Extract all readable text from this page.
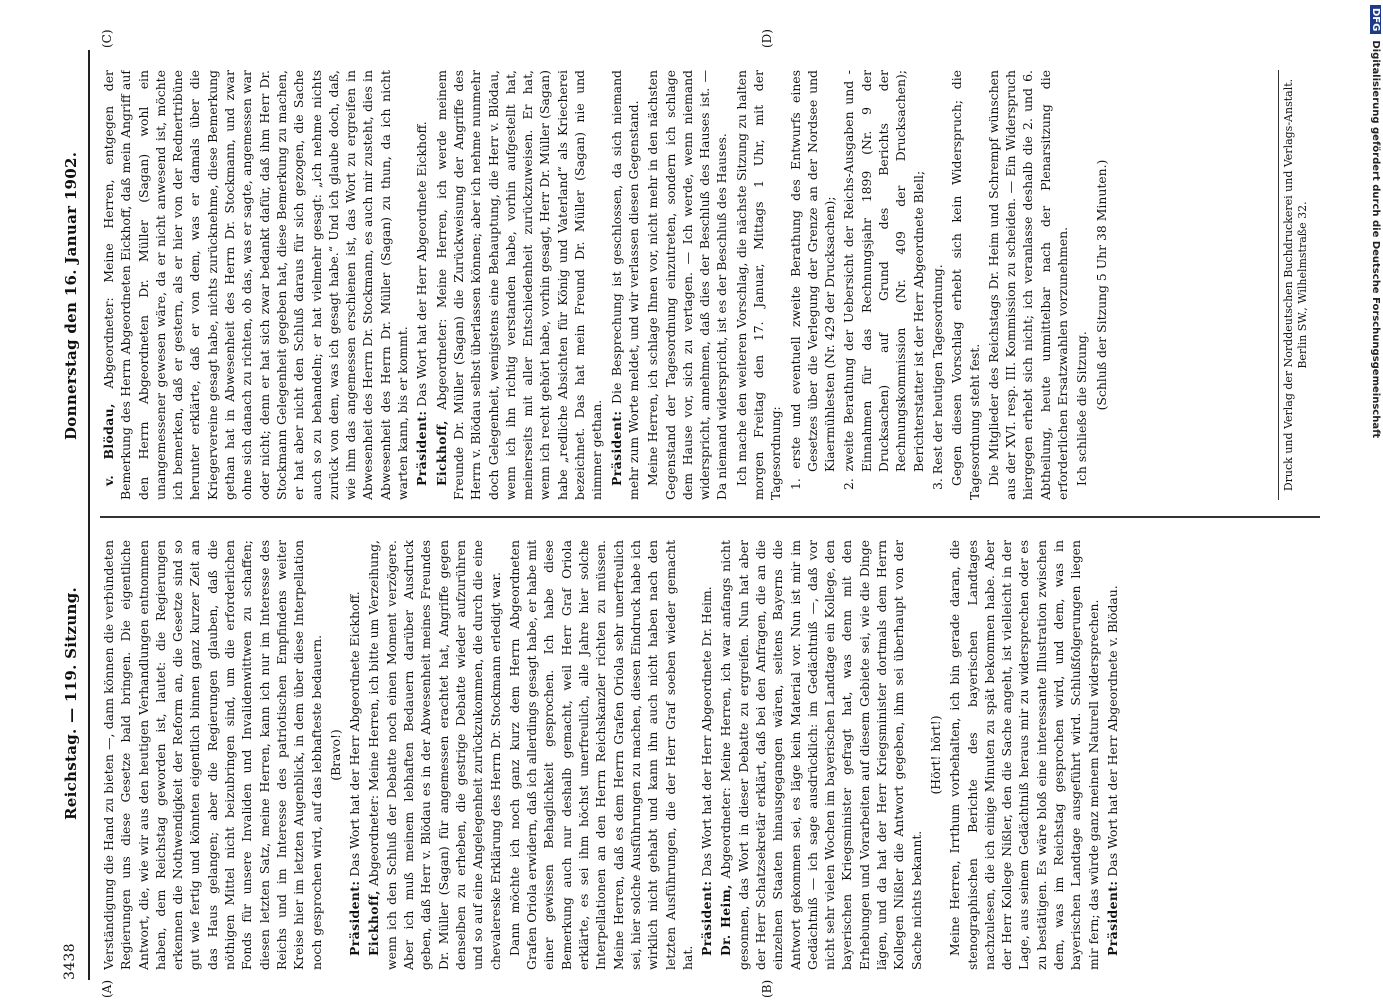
3438
Reichstag. — 119. Sitzung.
Donnerstag den 16. Januar 1902.
(A)	(B)
(C)	(D)

Verständigung die Hand zu bieten —, dann können die verbündeten Regierungen uns diese Gesetze bald bringen. Die eigentliche Antwort, die, wie wir aus den heutigen Verhandlungen entnommen haben, dem Reichstag geworden ist, lautet: die Regierungen erkennen die Nothwendigkeit der Reform an, die Gesetze sind so gut wie fertig und könnten eigentlich binnen ganz kurzer Zeit an das Haus gelangen; aber die Regierungen glauben, daß die nöthigen Mittel nicht beizubringen sind, um die erforderlichen Fonds für unsere Invaliden und Invalidenwittwen zu schaffen; diesen letzten Satz, meine Herren, kann ich nur im Interesse des Reichs und im Interesse des patriotischen Empfindens weiter Kreise hier im letzten Augenblick, in dem über diese Interpellation noch gesprochen wird, auf das lebhafteste bedauern. (Bravo!)

Präsident: Das Wort hat der Herr Abgeordnete Eickhoff.

Eickhoff, Abgeordneter: Meine Herren, ich bitte um Verzeihung, wenn ich den Schluß der Debatte noch einen Moment verzögere. Aber ich muß meinem lebhaften Bedauern darüber Ausdruck geben, daß Herr v. Blödau es in der Abwesenheit meines Freundes Dr. Müller (Sagan) für angemessen erachtet hat, Angriffe gegen denselben zu erheben, die gestrige Debatte wieder aufzurühren und so auf eine Angelegenheit zurückzukommen, die durch die eine chevalereske Erklärung des Herrn Dr. Stockmann erledigt war. Dann möchte ich noch ganz kurz dem Herrn Abgeordneten Grafen Oriola erwidern, daß ich allerdings gesagt habe, er habe mit einer gewissen Behaglichkeit gesprochen. Ich habe diese Bemerkung auch nur deshalb gemacht, weil Herr Graf Oriola erklärte, es sei ihm höchst unerfreulich, alle Jahre hier solche Interpellationen an den Herrn Reichskanzler richten zu müssen. Meine Herren, daß es dem Herrn Grafen Oriola sehr unerfreulich sei, hier solche Ausführungen zu machen, diesen Eindruck habe ich wirklich nicht gehabt und kann ihn auch nicht haben nach den letzten Ausführungen, die der Herr Graf soeben wieder gemacht hat.

Präsident: Das Wort hat der Herr Abgeordnete Dr. Heim.

Dr. Heim, Abgeordneter: Meine Herren, ich war anfangs nicht gesonnen, das Wort in dieser Debatte zu ergreifen. Nun hat aber der Herr Schatzsekretär erklärt, daß bei den Anfragen, die an die einzelnen Staaten hinausgegangen wären, seitens Bayerns die Antwort gekommen sei, es läge kein Material vor. Nun ist mir im Gedächtniß — ich sage ausdrücklich: im Gedächtniß —, daß vor nicht sehr vielen Wochen im bayerischen Landtage ein Kollege, den bayerischen Kriegsminister gefragt hat, was denn mit den Erhebungen und Vorarbeiten auf diesem Gebiete sei, wie die Dinge lägen, und da hat der Herr Kriegsminister dortmals dem Herrn Kollegen Nißler die Antwort gegeben, ihm sei überhaupt von der Sache nichts bekannt.

(Hört! hört!) Meine Herren, Irrthum vorbehalten, ich bin gerade daran, die stenographischen Berichte des bayerischen Landtages nachzulesen, die ich einige Minuten zu spät bekommen habe. Aber der Herr Kollege Nißler, den die Sache angeht, ist vielleicht in der Lage, aus seinem Gedächtniß heraus mir zu widersprechen oder es zu bestätigen. Es wäre bloß eine interessante Illustration zwischen dem, was im Reichstag gesprochen wird, und dem, was in bayerischen Landtage ausgeführt wird. Schlußfolgerungen liegen mir fern; das würde ganz meinem Naturell widersprechen. Präsident: Das Wort hat der Herr Abgeordnete v. Blödau.

v. Blödau, Abgeordneter: Meine Herren, entgegen der Bemerkung des Herrn Abgeordneten Eickhoff, daß mein Angriff auf den Herrn Abgeordneten Dr. Müller (Sagan) wohl ein unangemessener gewesen wäre, da er nicht anwesend ist, möchte ich bemerken, daß er gestern, als er hier von der Rednertribüne herunter erklärte, daß er von dem, was er damals über die Kriegervereine gesagt habe, nichts zurücknehme, diese Bemerkung gethan hat in Abwesenheit des Herrn Dr. Stockmann, und zwar ohne sich danach zu richten, ob das, was er sagte, angemessen war oder nicht; denn er hat sich zwar bedankt dafür, daß ihm Herr Dr. Stockmann Gelegenheit gegeben hat, diese Bemerkung zu machen, er hat aber nicht den Schluß daraus für sich gezogen, die Sache auch so zu behandeln; er hat vielmehr gesagt: „ich nehme nichts zurück von dem, was ich gesagt habe.“ Und ich glaube doch, daß, wie ihm das angemessen erschienen ist, das Wort zu ergreifen in Abwesenheit des Herrn Dr. Stockmann, es auch mir zusteht, dies in Abwesenheit des Herrn Dr. Müller (Sagan) zu thun, da ich nicht warten kann, bis er kommt. Präsident: Das Wort hat der Herr Abgeordnete Eickhoff.

Eickhoff, Abgeordneter: Meine Herren, ich werde meinem Freunde Dr. Müller (Sagan) die Zurückweisung der Angriffe des Herrn v. Blödau selbst überlassen können; aber ich nehme nunmehr doch Gelegenheit, wenigstens eine Behauptung, die Herr v. Blödau, wenn ich ihn richtig verstanden habe, vorhin aufgestellt hat, meinerseits mit aller Entschiedenheit zurückzuweisen. Er hat, wenn ich recht gehört habe, vorhin gesagt, Herr Dr. Müller (Sagan) habe „redliche Absichten für König und Vaterland“ als Kriecherei bezeichnet. Das hat mein Freund Dr. Müller (Sagan) nie und nimmer gethan. Präsident: Die Besprechung ist geschlossen, da sich niemand mehr zum Worte meldet, und wir verlassen diesen Gegenstand. Meine Herren, ich schlage Ihnen vor, nicht mehr in den nächsten Gegenstand der Tagesordnung einzutreten, sondern ich schlage dem Hause vor, sich zu vertagen. — Ich werde, wenn niemand widerspricht, annehmen, daß dies der Beschluß des Hauses ist. — Da niemand widerspricht, ist es der Beschluß des Hauses. Ich mache den weiteren Vorschlag, die nächste Sitzung zu halten morgen Freitag den 17. Januar, Mittags 1 Uhr, mit der Tagesordnung: 1. erste und eventuell zweite Berathung des Entwurfs eines Gesetzes über die Verlegung der Grenze an der Nordsee und Kiaermühlesten (Nr. 429 der Drucksachen); 2. zweite Berathung der Uebersicht der Reichs-Ausgaben und -Einnahmen für das Rechnungsjahr 1899 (Nr. 9 der Drucksachen) auf Grund des Berichts der Rechnungskommission (Nr. 409 der Drucksachen); Berichterstatter ist der Herr Abgeordnete Blell; 3. Rest der heutigen Tagesordnung. Gegen diesen Vorschlag erhebt sich kein Widerspruch; die Tagesordnung steht fest. Die Mitglieder des Reichstags Dr. Heim und Schrempf wünschen aus der XVI. resp. III. Kommission zu scheiden. — Ein Widerspruch hiergegen erhebt sich nicht; ich veranlasse deshalb die 2. und 6. Abtheilung, heute unmittelbar nach der Plenarsitzung die erforderlichen Ersatzwahlen vorzunehmen. Ich schließe die Sitzung. (Schluß der Sitzung 5 Uhr 38 Minuten.)	Druck und Verlag der Norddeutschen Buchdruckerei und Verlags-Anstalt. Berlin SW., Wilhelmstraße 32.
DFGDigitalisierung gefördert durch die Deutsche Forschungsgemeinschaft
